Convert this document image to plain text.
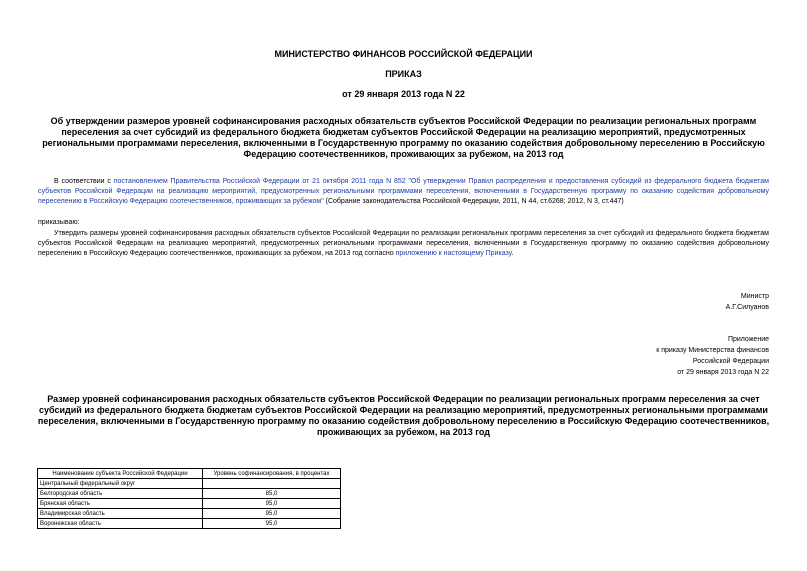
МИНИСТЕРСТВО ФИНАНСОВ РОССИЙСКОЙ ФЕДЕРАЦИИ
ПРИКАЗ
от 29 января 2013 года N 22
Об утверждении размеров уровней софинансирования расходных обязательств субъектов Российской Федерации по реализации региональных программ переселения за счет субсидий из федерального бюджета бюджетам субъектов Российской Федерации на реализацию мероприятий, предусмотренных региональными программами переселения, включенными в Государственную программу по оказанию содействия добровольному переселению в Российскую Федерацию соотечественников, проживающих за рубежом, на 2013 год
В соответствии с постановлением Правительства Российской Федерации от 21 октября 2011 года N 852 "Об утверждении Правил распределения и предоставления субсидий из федерального бюджета бюджетам субъектов Российской Федерации на реализацию мероприятий, предусмотренных региональными программами переселения, включенными в Государственную программу по оказанию содействия добровольному переселению в Российскую Федерацию соотечественников, проживающих за рубежом" (Собрание законодательства Российской Федерации, 2011, N 44, ст.6268; 2012, N 3, ст.447)
приказываю:
Утвердить размеры уровней софинансирования расходных обязательств субъектов Российской Федерации по реализации региональных программ переселения за счет субсидий из федерального бюджета бюджетам субъектов Российской Федерации на реализацию мероприятий, предусмотренных региональными программами переселения, включенными в Государственную программу по оказанию содействия добровольному переселению в Российскую Федерацию соотечественников, проживающих за рубежом, на 2013 год согласно приложению к настоящему Приказу.
Министр
А.Г.Силуанов
Приложение
к приказу Министерства финансов
Российской Федерации
от 29 января 2013 года N 22
Размер уровней софинансирования расходных обязательств субъектов Российской Федерации по реализации региональных программ переселения за счет субсидий из федерального бюджета бюджетам субъектов Российской Федерации на реализацию мероприятий, предусмотренных региональными программами переселения, включенными в Государственную программу по оказанию содействия добровольному переселению в Российскую Федерацию соотечественников, проживающих за рубежом, на 2013 год
Наименование субъекта Российской Федерации	Уровень софинансирования, в процентах
Центральный федеральный округ	
Белгородская область	85,0
Брянская область	95,0
Владимирская область	95,0
Воронежская область	95,0
